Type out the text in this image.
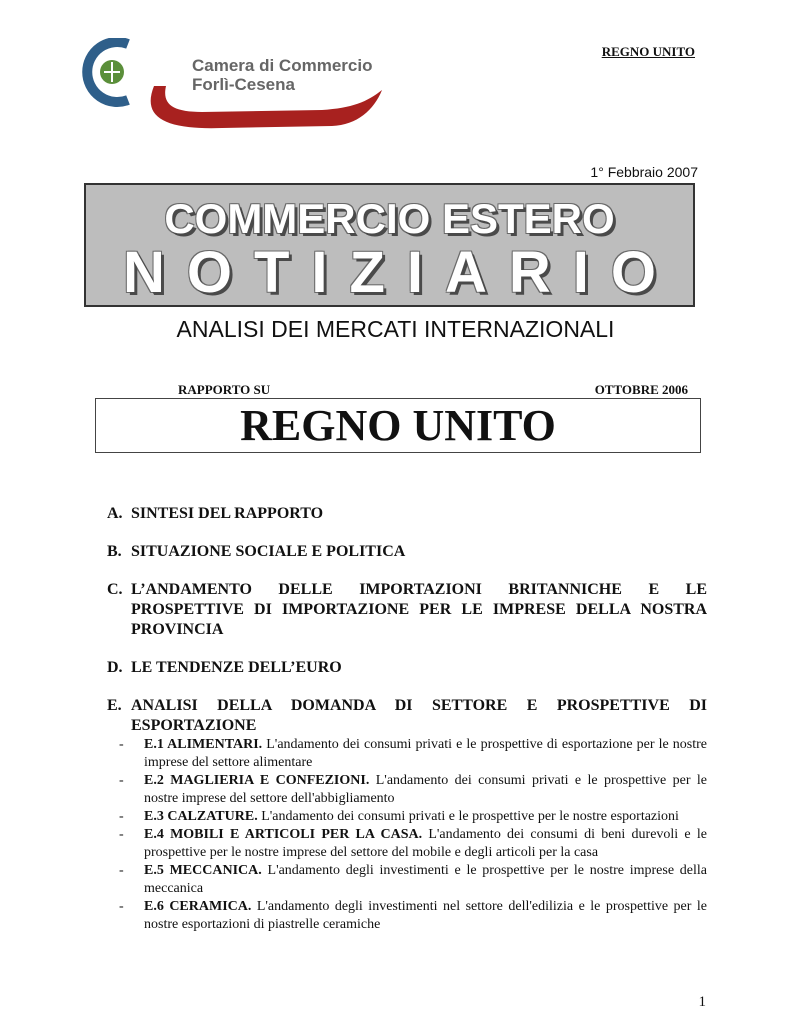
Camera di Commercio
Forlì-Cesena
REGNO UNITO
1° Febbraio 2007
COMMERCIO ESTERO
NOTIZIARIO
ANALISI DEI MERCATI INTERNAZIONALI
RAPPORTO SU	OTTOBRE 2006
REGNO UNITO
A. SINTESI DEL RAPPORTO
B. SITUAZIONE SOCIALE E POLITICA
C. L’ANDAMENTO DELLE IMPORTAZIONI BRITANNICHE E LE PROSPETTIVE DI IMPORTAZIONE PER LE IMPRESE DELLA NOSTRA PROVINCIA
D. LE TENDENZE DELL’EURO
E. ANALISI DELLA DOMANDA DI SETTORE E PROSPETTIVE DI ESPORTAZIONE
- E.1 ALIMENTARI. L'andamento dei consumi privati e le prospettive di esportazione per le nostre imprese del settore alimentare
- E.2 MAGLIERIA E CONFEZIONI. L'andamento dei consumi privati e le prospettive per le nostre imprese del settore dell'abbigliamento
- E.3 CALZATURE. L'andamento dei consumi privati e le prospettive per le nostre esportazioni
- E.4 MOBILI E ARTICOLI PER LA CASA. L'andamento dei consumi di beni durevoli e le prospettive per le nostre imprese del settore del mobile e degli articoli per la casa
- E.5 MECCANICA. L'andamento degli investimenti e le prospettive per le nostre imprese della meccanica
- E.6 CERAMICA. L'andamento degli investimenti nel settore dell'edilizia e le prospettive per le nostre esportazioni di piastrelle ceramiche
1
